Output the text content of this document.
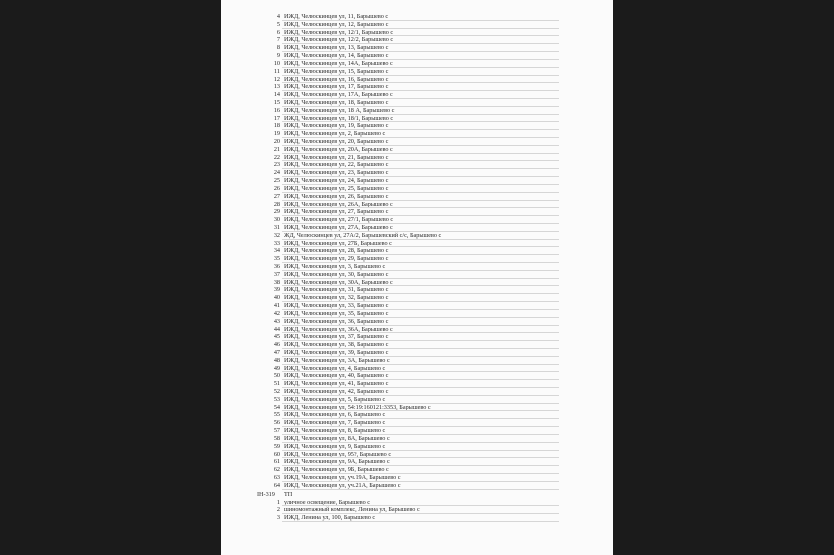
4 ИЖД, Челюскинцев ул, 11, Барышево с
5 ИЖД, Челюскинцев ул, 12, Барышево с
6 ИЖД, Челюскинцев ул, 12/1, Барышево с
7 ИЖД, Челюскинцев ул, 12/2, Барышево с
8 ИЖД, Челюскинцев ул, 13, Барышево с
9 ИЖД, Челюскинцев ул, 14, Барышево с
10 ИЖД, Челюскинцев ул, 14А, Барышево с
11 ИЖД, Челюскинцев ул, 15, Барышево с
12 ИЖД, Челюскинцев ул, 16, Барышево с
13 ИЖД, Челюскинцев ул, 17, Барышево с
14 ИЖД, Челюскинцев ул, 17А, Барышево с
15 ИЖД, Челюскинцев ул, 18, Барышево с
16 ИЖД, Челюскинцев ул, 18 А, Барышево с
17 ИЖД, Челюскинцев ул, 18/1, Барышево с
18 ИЖД, Челюскинцев ул, 19, Барышево с
19 ИЖД, Челюскинцев ул, 2, Барышево с
20 ИЖД, Челюскинцев ул, 20, Барышево с
21 ИЖД, Челюскинцев ул, 20А, Барышево с
22 ИЖД, Челюскинцев ул, 21, Барышево с
23 ИЖД, Челюскинцев ул, 22, Барышево с
24 ИЖД, Челюскинцев ул, 23, Барышево с
25 ИЖД, Челюскинцев ул, 24, Барышево с
26 ИЖД, Челюскинцев ул, 25, Барышево с
27 ИЖД, Челюскинцев ул, 26, Барышево с
28 ИЖД, Челюскинцев ул, 26А, Барышево с
29 ИЖД, Челюскинцев ул, 27, Барышево с
30 ИЖД, Челюскинцев ул, 27/1, Барышево с
31 ИЖД, Челюскинцев ул, 27А, Барышево с
32 ЖД, Челюскинцев ул, 27А/2, Барышевский с/с, Барышево с
33 ИЖД, Челюскинцев ул, 27Б, Барышево с
34 ИЖД, Челюскинцев ул, 28, Барышево с
35 ИЖД, Челюскинцев ул, 29, Барышево с
36 ИЖД, Челюскинцев ул, 3, Барышево с
37 ИЖД, Челюскинцев ул, 30, Барышево с
38 ИЖД, Челюскинцев ул, 30А, Барышево с
39 ИЖД, Челюскинцев ул, 31, Барышево с
40 ИЖД, Челюскинцев ул, 32, Барышево с
41 ИЖД, Челюскинцев ул, 33, Барышево с
42 ИЖД, Челюскинцев ул, 35, Барышево с
43 ИЖД, Челюскинцев ул, 36, Барышево с
44 ИЖД, Челюскинцев ул, 36А, Барышево с
45 ИЖД, Челюскинцев ул, 37, Барышево с
46 ИЖД, Челюскинцев ул, 38, Барышево с
47 ИЖД, Челюскинцев ул, 39, Барышево с
48 ИЖД, Челюскинцев ул, 3А, Барышево с
49 ИЖД, Челюскинцев ул, 4, Барышево с
50 ИЖД, Челюскинцев ул, 40, Барышево с
51 ИЖД, Челюскинцев ул, 41, Барышево с
52 ИЖД, Челюскинцев ул, 42, Барышево с
53 ИЖД, Челюскинцев ул, 5, Барышево с
54 ИЖД, Челюскинцев ул, 54:19:160121:3353, Барышево с
55 ИЖД, Челюскинцев ул, 6, Барышево с
56 ИЖД, Челюскинцев ул, 7, Барышево с
57 ИЖД, Челюскинцев ул, 8, Барышево с
58 ИЖД, Челюскинцев ул, 8А, Барышево с
59 ИЖД, Челюскинцев ул, 9, Барышево с
60 ИЖД, Челюскинцев ул, 95?, Барышево с
61 ИЖД, Челюскинцев ул, 9А, Барышево с
62 ИЖД, Челюскинцев ул, 9Б, Барышево с
63 ИЖД, Челюскинцев ул, уч.19А, Барышево с
64 ИЖД, Челюскинцев ул, уч.21А, Барышево с
IH-319	ТП
1 уличное освещение, Барышево с
2 шиномонтажный комплекс, Ленина ул, Барышево с
3 ИЖД, Ленина ул, 100, Барышево с
